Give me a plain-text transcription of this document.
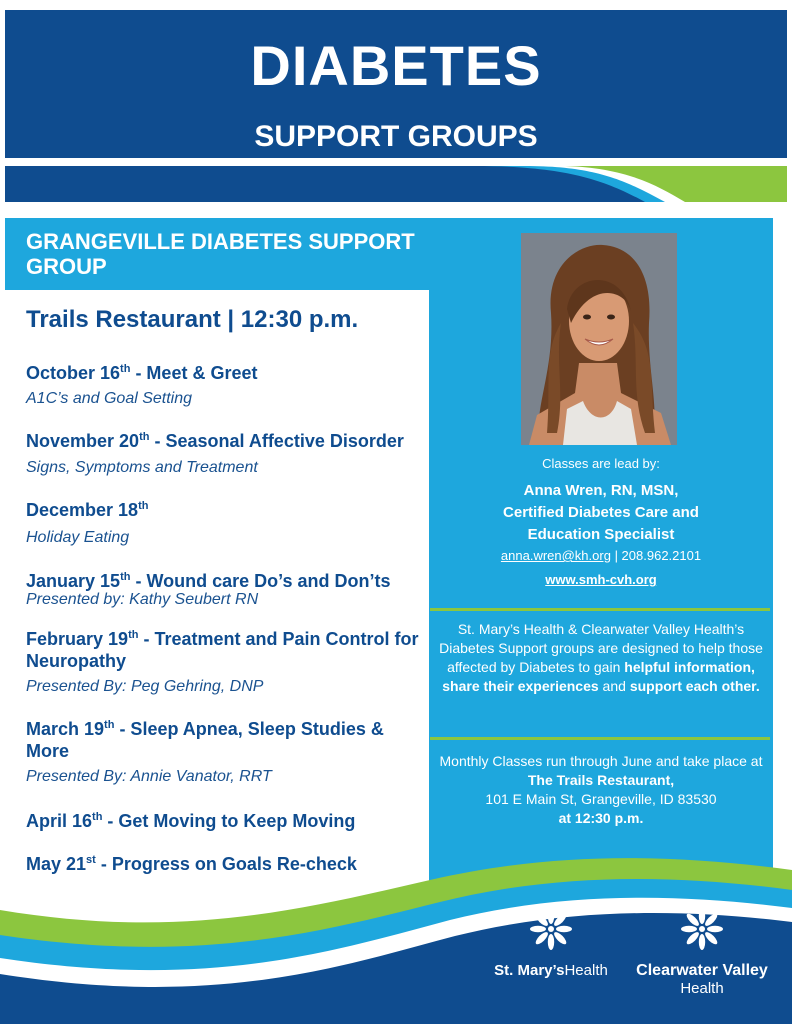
DIABETES
SUPPORT GROUPS
GRANGEVILLE DIABETES SUPPORT GROUP
Trails Restaurant | 12:30 p.m.
October 16th - Meet & Greet
A1C’s and Goal Setting
November 20th - Seasonal Affective Disorder
Signs, Symptoms and Treatment
December 18th
Holiday Eating
January 15th - Wound care Do’s and Don’ts
Presented by: Kathy Seubert RN
February 19th - Treatment and Pain Control for Neuropathy
Presented By: Peg Gehring, DNP
March 19th - Sleep Apnea, Sleep Studies & More
Presented By: Annie Vanator, RRT
April 16th - Get Moving to Keep Moving
May 21st - Progress on Goals Re-check
Classes are lead by:
Anna Wren, RN, MSN,
Certified Diabetes Care and
Education Specialist
anna.wren@kh.org | 208.962.2101
www.smh-cvh.org
St. Mary’s Health & Clearwater Valley Health’s Diabetes Support groups are designed to help those affected by Diabetes to gain helpful information, share their experiences and support each other.
Monthly Classes run through June and take place at The Trails Restaurant,
101 E Main St, Grangeville, ID 83530
at 12:30 p.m.
St. Mary’sHealth	Clearwater Valley
Health
